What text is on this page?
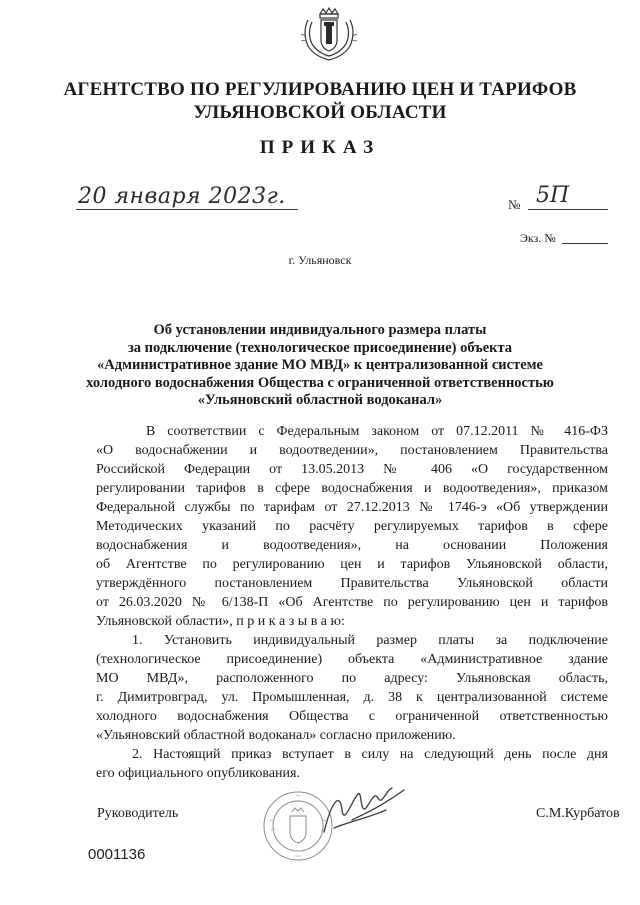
АГЕНТСТВО ПО РЕГУЛИРОВАНИЮ ЦЕН И ТАРИФОВ
УЛЬЯНОВСКОЙ ОБЛАСТИ
ПРИКАЗ
20 января 2023г.	№ 5П
Экз. №
г. Ульяновск
Об установлении индивидуального размера платы
за подключение (технологическое присоединение) объекта
«Административное здание МО МВД» к централизованной системе
холодного водоснабжения Общества с ограниченной ответственностью
«Ульяновский областной водоканал»
В соответствии с Федеральным законом от 07.12.2011 № 416-ФЗ
«О водоснабжении и водоотведении», постановлением Правительства
Российской Федерации от 13.05.2013 № 406 «О государственном
регулировании тарифов в сфере водоснабжения и водоотведения», приказом
Федеральной службы по тарифам от 27.12.2013 № 1746-э «Об утверждении
Методических указаний по расчёту регулируемых тарифов в сфере
водоснабжения и водоотведения», на основании Положения
об Агентстве по регулированию цен и тарифов Ульяновской области,
утверждённого постановлением Правительства Ульяновской области
от 26.03.2020 № 6/138-П «Об Агентстве по регулированию цен и тарифов
Ульяновской области», п р и к а з ы в а ю:
1. Установить индивидуальный размер платы за подключение
(технологическое присоединение) объекта «Административное здание
МО МВД», расположенного по адресу: Ульяновская область,
г. Димитровград, ул. Промышленная, д. 38 к централизованной системе
холодного водоснабжения Общества с ограниченной ответственностью
«Ульяновский областной водоканал» согласно приложению.
2. Настоящий приказ вступает в силу на следующий день после дня
его официального опубликования.
Руководитель	С.М.Курбатов
0001136
